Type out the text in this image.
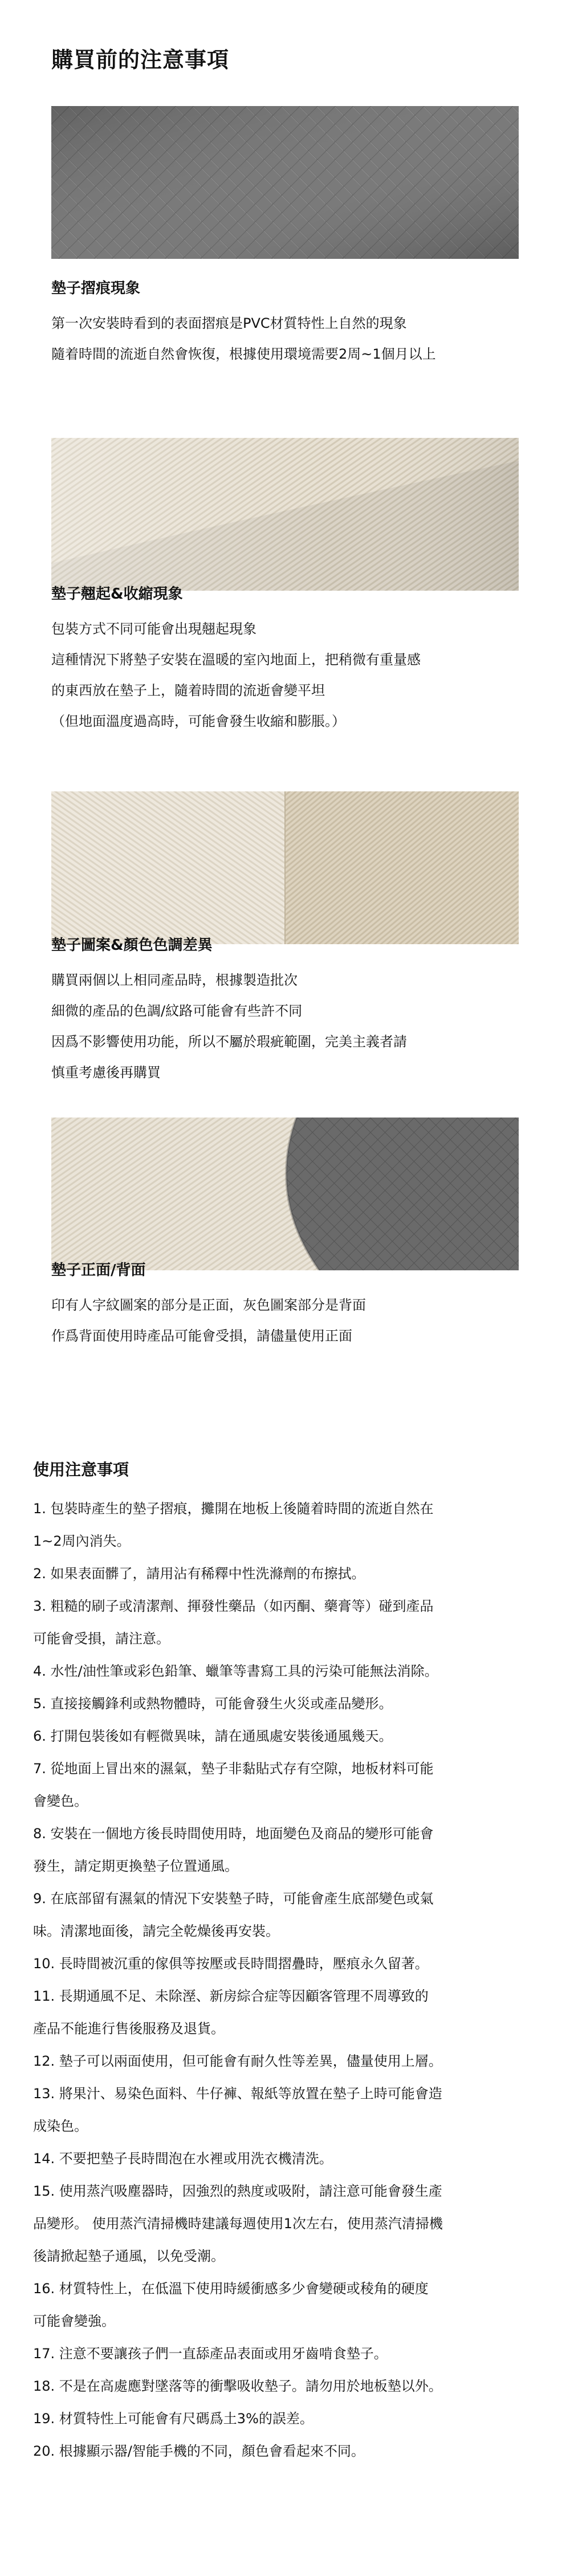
購買前的注意事項

墊子摺痕現象

第一次安裝時看到的表面摺痕是PVC材質特性上自然的現象

隨着時間的流逝自然會恢復，根據使用環境需要2周~1個月以上

墊子翹起&收縮現象

包裝方式不同可能會出現翹起現象

這種情況下將墊子安裝在溫暖的室內地面上，把稍微有重量感

的東西放在墊子上，隨着時間的流逝會變平坦

（但地面溫度過高時，可能會發生收縮和膨脹。）

墊子圖案&顏色色調差異

購買兩個以上相同產品時，根據製造批次

細微的產品的色調/紋路可能會有些許不同

因爲不影響使用功能，所以不屬於瑕疵範圍，完美主義者請

慎重考慮後再購買

墊子正面/背面

印有人字紋圖案的部分是正面，灰色圖案部分是背面

作爲背面使用時產品可能會受損，請儘量使用正面

使用注意事項

1. 包裝時產生的墊子摺痕，攤開在地板上後隨着時間的流逝自然在

1~2周內消失。

2. 如果表面髒了，請用沾有稀釋中性洗滌劑的布擦拭。

3. 粗糙的刷子或清潔劑、揮發性藥品（如丙酮、藥膏等）碰到產品

可能會受損，請注意。

4. 水性/油性筆或彩色鉛筆、蠟筆等書寫工具的污染可能無法消除。

5. 直接接觸鋒利或熱物體時，可能會發生火災或產品變形。

6. 打開包裝後如有輕微異味，請在通風處安裝後通風幾天。

7. 從地面上冒出來的濕氣，墊子非黏貼式存有空隙，地板材料可能

會變色。

8. 安裝在一個地方後長時間使用時，地面變色及商品的變形可能會

發生，請定期更換墊子位置通風。

9. 在底部留有濕氣的情況下安裝墊子時，可能會產生底部變色或氣

味。清潔地面後，請完全乾燥後再安裝。

10. 長時間被沉重的傢俱等按壓或長時間摺疊時，壓痕永久留著。

11. 長期通風不足、未除溼、新房綜合症等因顧客管理不周導致的

產品不能進行售後服務及退貨。

12. 墊子可以兩面使用，但可能會有耐久性等差異，儘量使用上層。

13. 將果汁、易染色面料、牛仔褲、報紙等放置在墊子上時可能會造

成染色。

14. 不要把墊子長時間泡在水裡或用洗衣機清洗。

15. 使用蒸汽吸塵器時，因強烈的熱度或吸附，請注意可能會發生產

品變形。 使用蒸汽清掃機時建議每週使用1次左右，使用蒸汽清掃機

後請掀起墊子通風，以免受潮。

16. 材質特性上，在低溫下使用時緩衝感多少會變硬或稜角的硬度

可能會變強。

17. 注意不要讓孩子們一直舔產品表面或用牙齒啃食墊子。

18. 不是在高處應對墜落等的衝擊吸收墊子。請勿用於地板墊以外。

19. 材質特性上可能會有尺碼爲土3%的誤差。

20. 根據顯示器/智能手機的不同，顏色會看起來不同。
